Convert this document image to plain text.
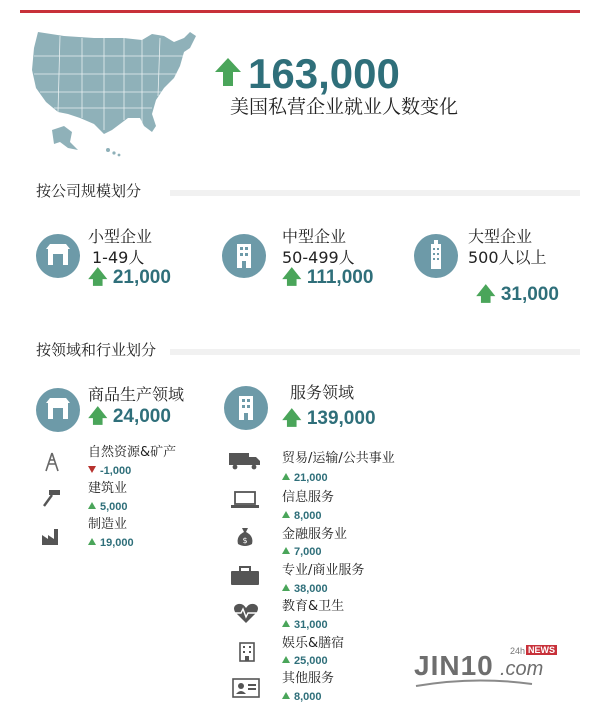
163,000
美国私营企业就业人数变化
按公司规模划分
小型企业
1-49人
🡅 21,000
中型企业
50-499人
🡅 111,000
大型企业
500人以上
🡅 31,000
按领域和行业划分
商品生产领域
🡅 24,000
服务领域
🡅 139,000
自然资源&矿产
-1,000
建筑业
5,000
制造业
19,000
贸易/运输/公共事业
21,000
信息服务
8,000
$	金融服务业
7,000
专业/商业服务
38,000
教育&卫生
31,000
娱乐&膳宿
25,000
其他服务
8,000
JIN10 .com
24h NEWS
